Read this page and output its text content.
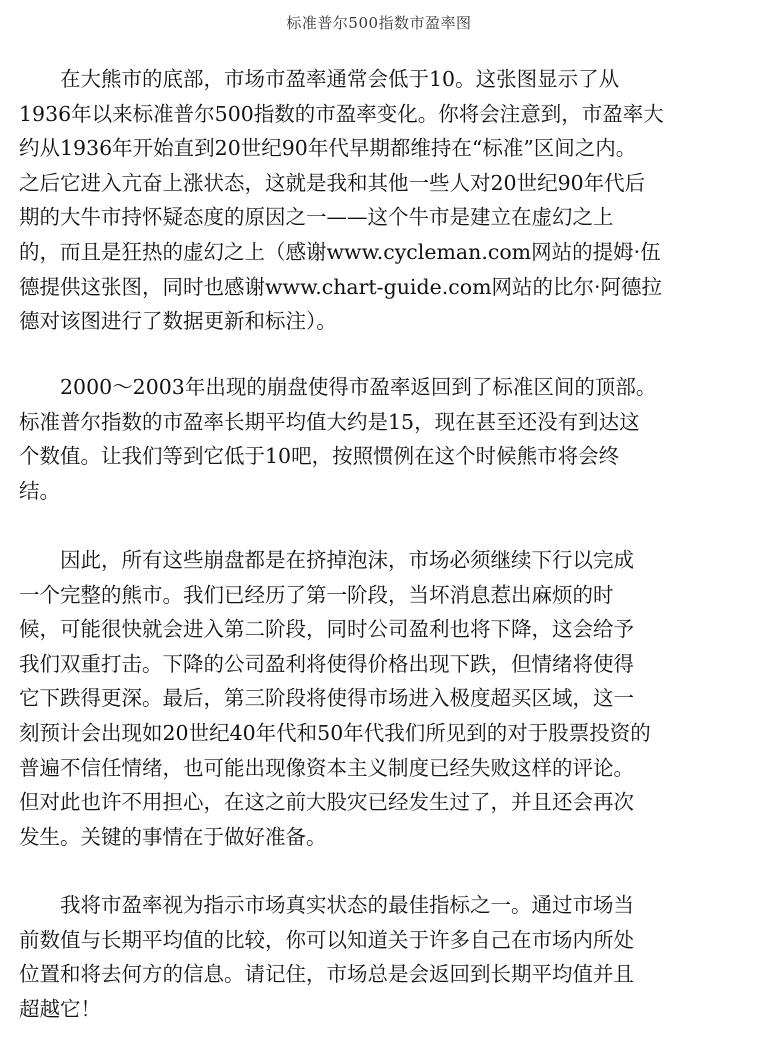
标准普尔500指数市盈率图

　　在大熊市的底部，市场市盈率通常会低于10。这张图显示了从
1936年以来标准普尔500指数的市盈率变化。你将会注意到，市盈率大
约从1936年开始直到20世纪90年代早期都维持在“标准”区间之内。
之后它进入亢奋上涨状态，这就是我和其他一些人对20世纪90年代后
期的大牛市持怀疑态度的原因之一——这个牛市是建立在虚幻之上
的，而且是狂热的虚幻之上（感谢www.cycleman.com网站的提姆·伍
德提供这张图，同时也感谢www.chart-guide.com网站的比尔·阿德拉
德对该图进行了数据更新和标注）。

　　2000～2003年出现的崩盘使得市盈率返回到了标准区间的顶部。
标准普尔指数的市盈率长期平均值大约是15，现在甚至还没有到达这
个数值。让我们等到它低于10吧，按照惯例在这个时候熊市将会终
结。

　　因此，所有这些崩盘都是在挤掉泡沫，市场必须继续下行以完成
一个完整的熊市。我们已经历了第一阶段，当坏消息惹出麻烦的时
候，可能很快就会进入第二阶段，同时公司盈利也将下降，这会给予
我们双重打击。下降的公司盈利将使得价格出现下跌，但情绪将使得
它下跌得更深。最后，第三阶段将使得市场进入极度超买区域，这一
刻预计会出现如20世纪40年代和50年代我们所见到的对于股票投资的
普遍不信任情绪，也可能出现像资本主义制度已经失败这样的评论。
但对此也许不用担心，在这之前大股灾已经发生过了，并且还会再次
发生。关键的事情在于做好准备。

　　我将市盈率视为指示市场真实状态的最佳指标之一。通过市场当
前数值与长期平均值的比较，你可以知道关于许多自己在市场内所处
位置和将去何方的信息。请记住，市场总是会返回到长期平均值并且
超越它！
